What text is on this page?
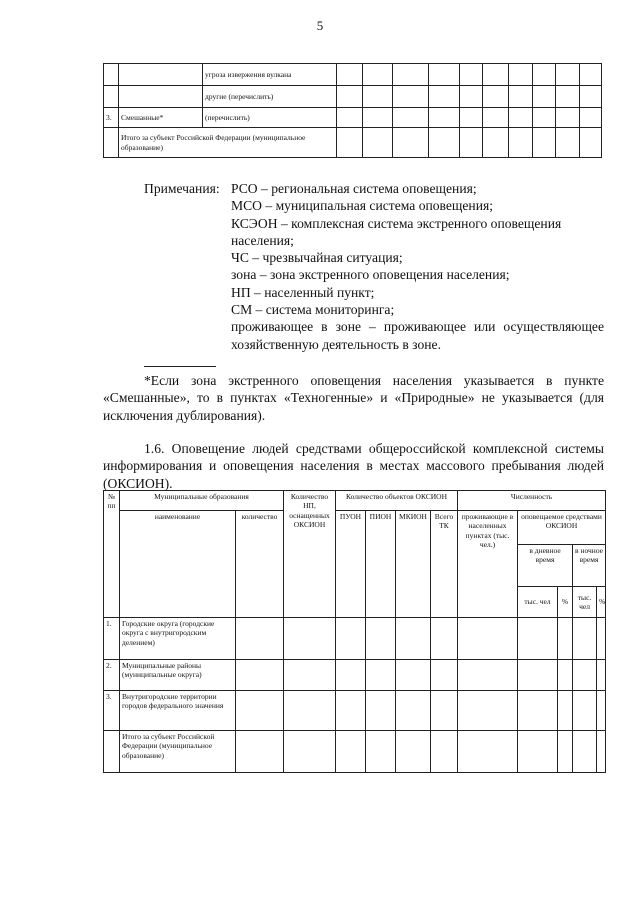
5
		угроза извержения вулкана										
		другие (перечислить)										
3.	Смешанные*	(перечислить)										
	Итого за субъект Российской Федерации (муниципальное образование)											
Примечания: РСО – региональная система оповещения;
МСО – муниципальная система оповещения;
КСЭОН – комплексная система экстренного оповещения населения;
ЧС – чрезвычайная ситуация;
зона – зона экстренного оповещения населения;
НП – населенный пункт;
СМ – система мониторинга;
проживающее в зоне – проживающее или осуществляющее хозяйственную деятельность в зоне.
*Если зона экстренного оповещения населения указывается в пункте «Смешанные», то в пунктах «Техногенные» и «Природные» не указывается (для исключения дублирования).

1.6. Оповещение людей средствами общероссийской комплексной системы информирования и оповещения населения в местах массового пребывания людей (ОКСИОН).

№ пп	Муниципальные образования		Количество НП, оснащенных ОКСИОН	Количество объектов ОКСИОН				Численность				
	наименование	количество		ПУОН	ПИОН	МКИОН	Всего ТК	проживающие в населенных пунктах (тыс. чел.)	оповещаемое средствами ОКСИОН			
									в дневное время		в ночное время	
									тыс. чел	%	тыс. чел	%
1.	Городские округа (городские округа с внутригородским делением)											
2.	Муниципальные районы (муниципальные округа)											
3.	Внутригородские территории городов федерального значения											
	Итого за субъект Российской Федерации (муниципальное образование)											
